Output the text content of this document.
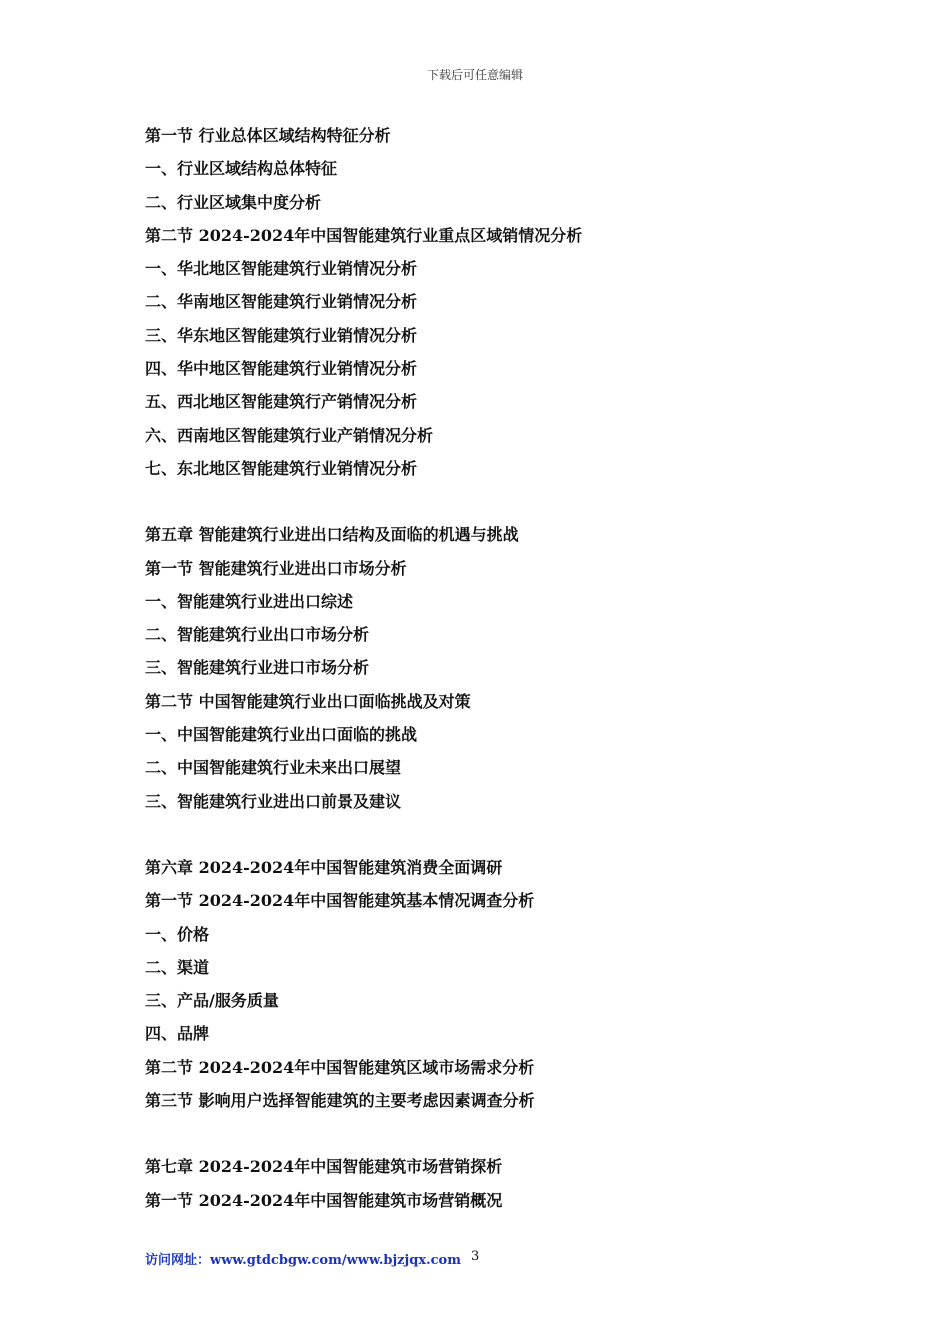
下载后可任意编辑
第一节 行业总体区域结构特征分析
一、行业区域结构总体特征
二、行业区域集中度分析
第二节 2024-2024年中国智能建筑行业重点区域销情况分析
一、华北地区智能建筑行业销情况分析
二、华南地区智能建筑行业销情况分析
三、华东地区智能建筑行业销情况分析
四、华中地区智能建筑行业销情况分析
五、西北地区智能建筑行产销情况分析
六、西南地区智能建筑行业产销情况分析
七、东北地区智能建筑行业销情况分析
第五章 智能建筑行业进出口结构及面临的机遇与挑战
第一节 智能建筑行业进出口市场分析
一、智能建筑行业进出口综述
二、智能建筑行业出口市场分析
三、智能建筑行业进口市场分析
第二节 中国智能建筑行业出口面临挑战及对策
一、中国智能建筑行业出口面临的挑战
二、中国智能建筑行业未来出口展望
三、智能建筑行业进出口前景及建议
第六章 2024-2024年中国智能建筑消费全面调研
第一节 2024-2024年中国智能建筑基本情况调查分析
一、价格
二、渠道
三、产品/服务质量
四、品牌
第二节 2024-2024年中国智能建筑区域市场需求分析
第三节 影响用户选择智能建筑的主要考虑因素调查分析
第七章 2024-2024年中国智能建筑市场营销探析
第一节 2024-2024年中国智能建筑市场营销概况
访问网址：www.gtdcbgw.com/www.bjzjqx.com 3
